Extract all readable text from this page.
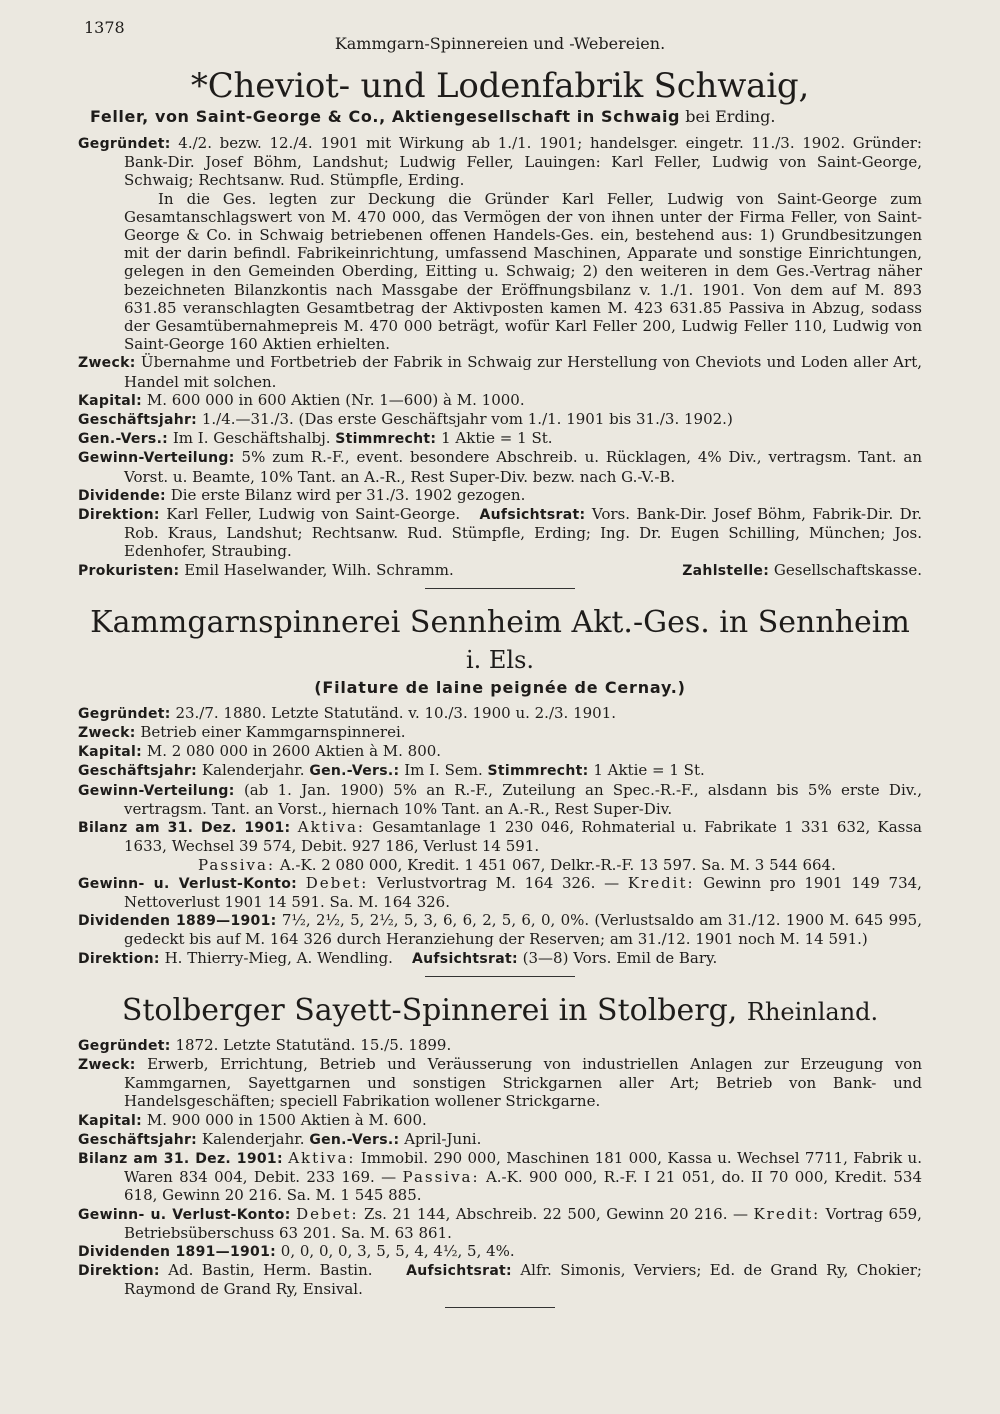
1378
Kammgarn-Spinnereien und -Webereien.
*Cheviot- und Lodenfabrik Schwaig,
Feller, von Saint-George & Co., Aktiengesellschaft in Schwaig bei Erding.

Gegründet: 4./2. bezw. 12./4. 1901 mit Wirkung ab 1./1. 1901; handelsger. eingetr. 11./3. 1902. Gründer: Bank-Dir. Josef Böhm, Landshut; Ludwig Feller, Lauingen: Karl Feller, Ludwig von Saint-George, Schwaig; Rechtsanw. Rud. Stümpfle, Erding.

In die Ges. legten zur Deckung die Gründer Karl Feller, Ludwig von Saint-George zum Gesamtanschlagswert von M. 470 000, das Vermögen der von ihnen unter der Firma Feller, von Saint-George & Co. in Schwaig betriebenen offenen Handels-Ges. ein, bestehend aus: 1) Grundbesitzungen mit der darin befindl. Fabrikeinrichtung, umfassend Maschinen, Apparate und sonstige Einrichtungen, gelegen in den Gemeinden Oberding, Eitting u. Schwaig; 2) den weiteren in dem Ges.-Vertrag näher bezeichneten Bilanzkontis nach Massgabe der Eröffnungsbilanz v. 1./1. 1901. Von dem auf M. 893 631.85 veranschlagten Gesamtbetrag der Aktivposten kamen M. 423 631.85 Passiva in Abzug, sodass der Gesamtübernahmepreis M. 470 000 beträgt, wofür Karl Feller 200, Ludwig Feller 110, Ludwig von Saint-George 160 Aktien erhielten.

Zweck: Übernahme und Fortbetrieb der Fabrik in Schwaig zur Herstellung von Cheviots und Loden aller Art, Handel mit solchen.

Kapital: M. 600 000 in 600 Aktien (Nr. 1—600) à M. 1000.

Geschäftsjahr: 1./4.—31./3. (Das erste Geschäftsjahr vom 1./1. 1901 bis 31./3. 1902.)

Gen.-Vers.: Im I. Geschäftshalbj. Stimmrecht: 1 Aktie = 1 St.

Gewinn-Verteilung: 5% zum R.-F., event. besondere Abschreib. u. Rücklagen, 4% Div., vertragsm. Tant. an Vorst. u. Beamte, 10% Tant. an A.-R., Rest Super-Div. bezw. nach G.-V.-B.

Dividende: Die erste Bilanz wird per 31./3. 1902 gezogen.

Direktion: Karl Feller, Ludwig von Saint-George. Aufsichtsrat: Vors. Bank-Dir. Josef Böhm, Fabrik-Dir. Dr. Rob. Kraus, Landshut; Rechtsanw. Rud. Stümpfle, Erding; Ing. Dr. Eugen Schilling, München; Jos. Edenhofer, Straubing.

Prokuristen: Emil Haselwander, Wilh. Schramm.	Zahlstelle: Gesellschaftskasse.

Kammgarnspinnerei Sennheim Akt.-Ges. in Sennheim i. Els.
(Filature de laine peignée de Cernay.)

Gegründet: 23./7. 1880. Letzte Statutänd. v. 10./3. 1900 u. 2./3. 1901.

Zweck: Betrieb einer Kammgarnspinnerei.

Kapital: M. 2 080 000 in 2600 Aktien à M. 800.

Geschäftsjahr: Kalenderjahr. Gen.-Vers.: Im I. Sem. Stimmrecht: 1 Aktie = 1 St.

Gewinn-Verteilung: (ab 1. Jan. 1900) 5% an R.-F., Zuteilung an Spec.-R.-F., alsdann bis 5% erste Div., vertragsm. Tant. an Vorst., hiernach 10% Tant. an A.-R., Rest Super-Div.

Bilanz am 31. Dez. 1901: Aktiva: Gesamtanlage 1 230 046, Rohmaterial u. Fabrikate 1 331 632, Kassa 1633, Wechsel 39 574, Debit. 927 186, Verlust 14 591.

Passiva: A.-K. 2 080 000, Kredit. 1 451 067, Delkr.-R.-F. 13 597. Sa. M. 3 544 664.

Gewinn- u. Verlust-Konto: Debet: Verlustvortrag M. 164 326. — Kredit: Gewinn pro 1901 149 734, Nettoverlust 1901 14 591. Sa. M. 164 326.

Dividenden 1889—1901: 7½, 2½, 5, 2½, 5, 3, 6, 6, 2, 5, 6, 0, 0%. (Verlustsaldo am 31./12. 1900 M. 645 995, gedeckt bis auf M. 164 326 durch Heranziehung der Reserven; am 31./12. 1901 noch M. 14 591.)

Direktion: H. Thierry-Mieg, A. Wendling. Aufsichtsrat: (3—8) Vors. Emil de Bary.

Stolberger Sayett-Spinnerei in Stolberg, Rheinland.

Gegründet: 1872. Letzte Statutänd. 15./5. 1899.

Zweck: Erwerb, Errichtung, Betrieb und Veräusserung von industriellen Anlagen zur Erzeugung von Kammgarnen, Sayettgarnen und sonstigen Strickgarnen aller Art; Betrieb von Bank- und Handelsgeschäften; speciell Fabrikation wollener Strickgarne.

Kapital: M. 900 000 in 1500 Aktien à M. 600.

Geschäftsjahr: Kalenderjahr. Gen.-Vers.: April-Juni.

Bilanz am 31. Dez. 1901: Aktiva: Immobil. 290 000, Maschinen 181 000, Kassa u. Wechsel 7711, Fabrik u. Waren 834 004, Debit. 233 169. — Passiva: A.-K. 900 000, R.-F. I 21 051, do. II 70 000, Kredit. 534 618, Gewinn 20 216. Sa. M. 1 545 885.

Gewinn- u. Verlust-Konto: Debet: Zs. 21 144, Abschreib. 22 500, Gewinn 20 216. — Kredit: Vortrag 659, Betriebsüberschuss 63 201. Sa. M. 63 861.

Dividenden 1891—1901: 0, 0, 0, 0, 3, 5, 5, 4, 4½, 5, 4%.

Direktion: Ad. Bastin, Herm. Bastin. Aufsichtsrat: Alfr. Simonis, Verviers; Ed. de Grand Ry, Chokier; Raymond de Grand Ry, Ensival.
